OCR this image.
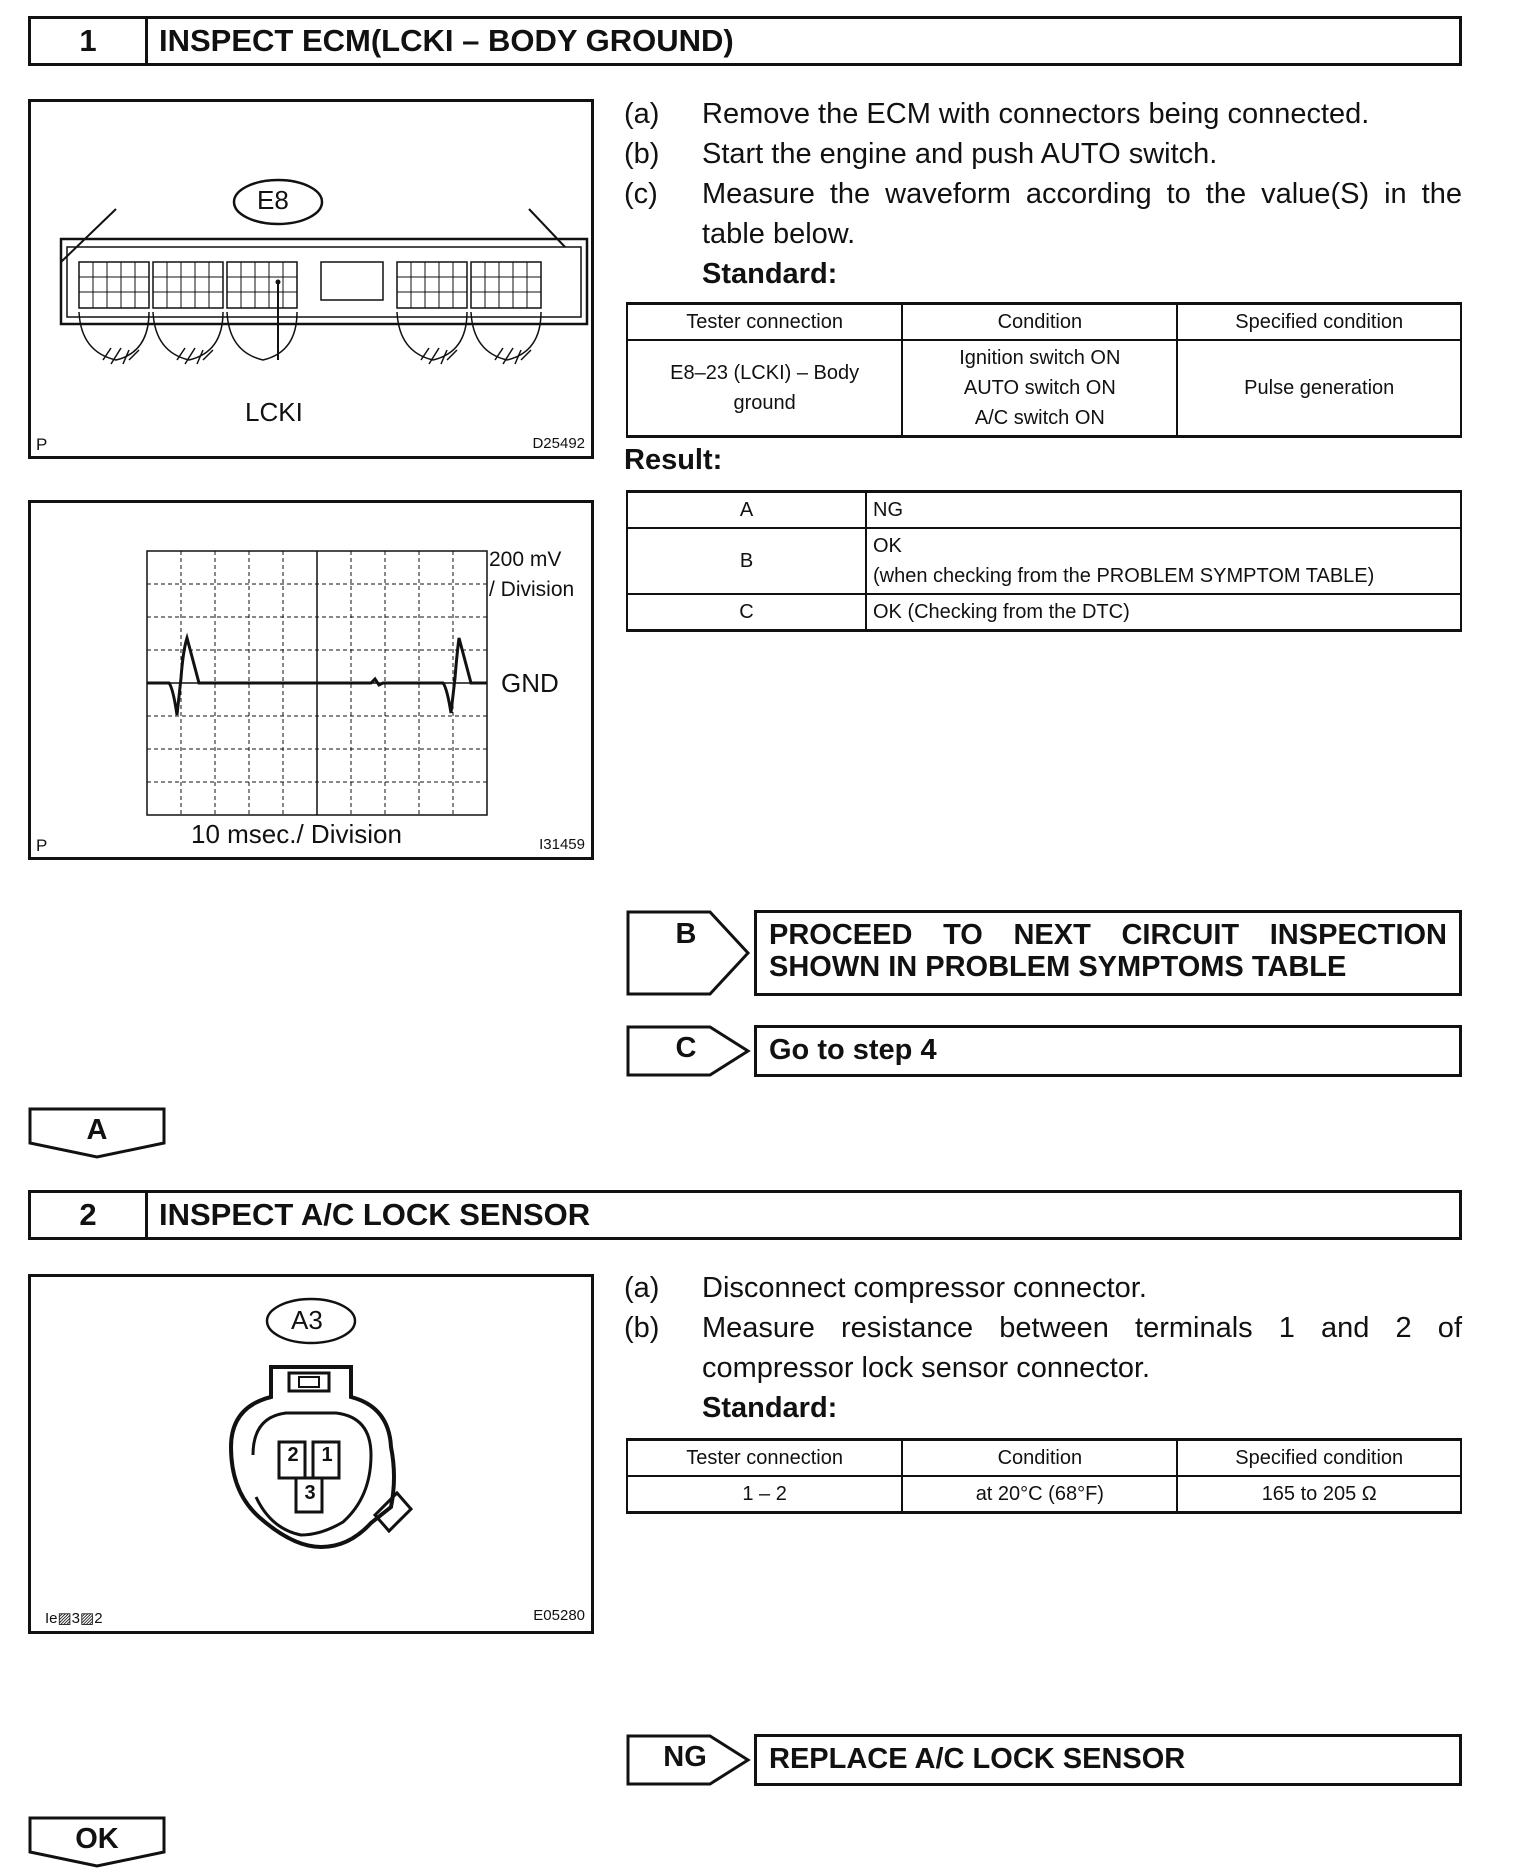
1	INSPECT ECM(LCKI – BODY GROUND)
E8
LCKI
P	D25492
200 mV
/ Division
GND
10 msec./ Division
P	I31459
(a)	Remove the ECM with connectors being connected.
(b)	Start the engine and push AUTO switch.
(c)	Measure the waveform according to the value(S) in the table below.
Standard:
Tester connection	Condition	Specified condition
E8–23 (LCKI) – Body ground	Ignition switch ON
AUTO switch ON
A/C switch ON	Pulse generation
Result:
A	NG
B	OK
(when checking from the PROBLEM SYMPTOM TABLE)

C	OK (Checking from the DTC)
B	PROCEED TO NEXT CIRCUIT INSPECTION
SHOWN IN PROBLEM SYMPTOMS TABLE
C	Go to step 4
A
2	INSPECT A/C LOCK SENSOR
A3
2 1
3
Ie▨3▨2	E05280
(a)	Disconnect compressor connector.
(b)	Measure resistance between terminals 1 and 2 of compressor lock sensor connector.
Standard:
Tester connection	Condition	Specified condition
1 – 2	at 20°C (68°F)	165 to 205 Ω
NG	REPLACE A/C LOCK SENSOR
OK
